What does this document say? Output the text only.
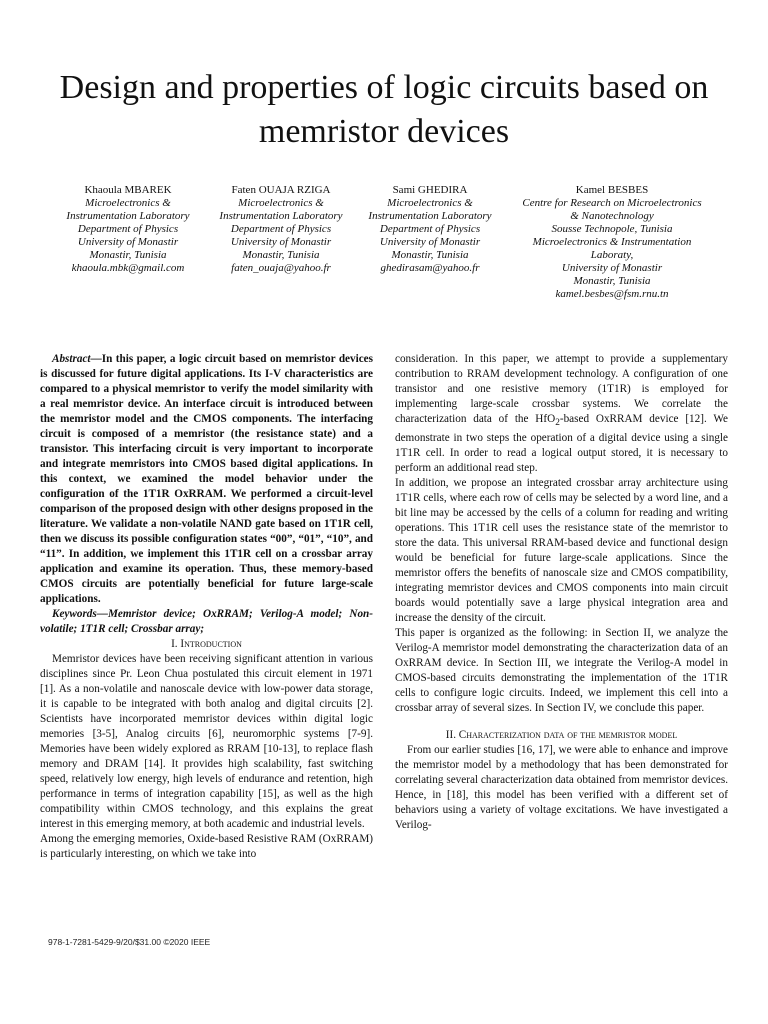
Design and properties of logic circuits based on memristor devices
Khaoula MBAREK
Microelectronics &
Instrumentation Laboratory
Department of Physics
University of Monastir
Monastir, Tunisia
khaoula.mbk@gmail.com
Faten OUAJA RZIGA
Microelectronics &
Instrumentation Laboratory
Department of Physics
University of Monastir
Monastir, Tunisia
faten_ouaja@yahoo.fr
Sami GHEDIRA
Microelectronics &
Instrumentation Laboratory
Department of Physics
University of Monastir
Monastir, Tunisia
ghedirasam@yahoo.fr
Kamel BESBES
Centre for Research on Microelectronics
& Nanotechnology
Sousse Technopole, Tunisia
Microelectronics & Instrumentation
Laboraty,
University of Monastir
Monastir, Tunisia
kamel.besbes@fsm.rnu.tn

Abstract—In this paper, a logic circuit based on memristor devices is discussed for future digital applications. Its I-V characteristics are compared to a physical memristor to verify the model similarity with a real memristor device. An interface circuit is introduced between the memristor model and the CMOS components. The interfacing circuit is composed of a memristor (the resistance state) and a transistor. This interfacing circuit is very important to incorporate and integrate memristors into CMOS based digital applications. In this context, we examined the model behavior under the configuration of the 1T1R OxRRAM. We performed a circuit-level comparison of the proposed design with other designs proposed in the literature. We validate a non-volatile NAND gate based on 1T1R cell, then we discuss its possible configuration states “00”, “01”, “10”, and “11”. In addition, we implement this 1T1R cell on a crossbar array application and examine its operation. Thus, these memory-based CMOS circuits are potentially beneficial for future large-scale applications.

Keywords—Memristor device; OxRRAM; Verilog-A model; Non-volatile; 1T1R cell; Crossbar array;

I. Introduction

Memristor devices have been receiving significant attention in various disciplines since Pr. Leon Chua postulated this circuit element in 1971 [1]. As a non-volatile and nanoscale device with low-power data storage, it is capable to be integrated with both analog and digital circuits [2]. Scientists have incorporated memristor devices within digital logic memories [3-5], Analog circuits [6], neuromorphic systems [7-9]. Memories have been widely explored as RRAM [10-13], to replace flash memory and DRAM [14]. It provides high scalability, fast switching speed, relatively low energy, high levels of endurance and retention, high performance in terms of integration capability [15], as well as the high compatibility within CMOS technology, and this explains the great interest in this emerging memory, at both academic and industrial levels.

Among the emerging memories, Oxide-based Resistive RAM (OxRRAM) is particularly interesting, on which we take into

consideration. In this paper, we attempt to provide a supplementary contribution to RRAM development technology. A configuration of one transistor and one resistive memory (1T1R) is employed for implementing large-scale crossbar systems. We correlate the characterization data of the HfO$_2$-based OxRRAM device [12]. We demonstrate in two steps the operation of a digital device using a single 1T1R cell. In order to read a logical output stored, it is necessary to perform an additional read step.

In addition, we propose an integrated crossbar array architecture using 1T1R cells, where each row of cells may be selected by a word line, and a bit line may be accessed by the cells of a column for reading and writing operations. This 1T1R cell uses the resistance state of the memristor to store the data. This universal RRAM-based device and functional design would be beneficial for future large-scale applications. Since the memristor offers the benefits of nanoscale size and CMOS compatibility, integrating memristor devices and CMOS components into main circuit boards would potentially save a large physical integration area and increase the density of the circuit.

This paper is organized as the following: in Section II, we analyze the Verilog-A memristor model demonstrating the characterization data of an OxRRAM device. In Section III, we integrate the Verilog-A model in CMOS-based circuits demonstrating the implementation of the 1T1R cells to configure logic circuits. Indeed, we implement this cell into a crossbar array of several sizes. In Section IV, we conclude this paper.

II. Characterization data of the memristor model

From our earlier studies [16, 17], we were able to enhance and improve the memristor model by a methodology that has been demonstrated for correlating several characterization data obtained from memristor devices. Hence, in [18], this model has been verified with a different set of behaviors using a variety of voltage excitations. We have investigated a Verilog-

978-1-7281-5429-9/20/$31.00 ©2020 IEEE
